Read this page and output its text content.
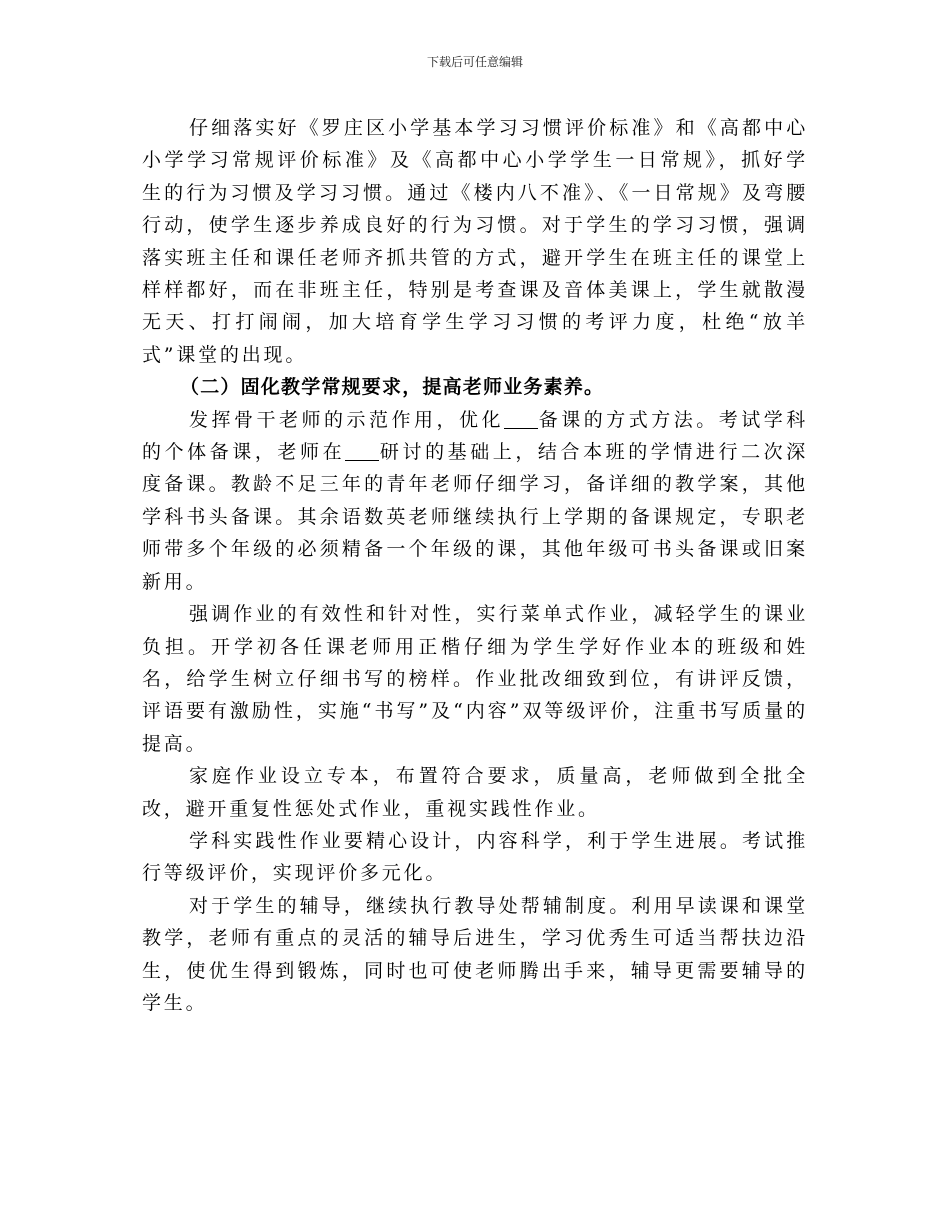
下载后可任意编辑

仔细落实好《罗庄区小学基本学习习惯评价标准》和《高都中心小学学习常规评价标准》及《高都中心小学学生一日常规》，抓好学生的行为习惯及学习习惯。通过《楼内八不准》、《一日常规》及弯腰行动，使学生逐步养成良好的行为习惯。对于学生的学习习惯，强调落实班主任和课任老师齐抓共管的方式，避开学生在班主任的课堂上样样都好，而在非班主任，特别是考查课及音体美课上，学生就散漫无天、打打闹闹，加大培育学生学习习惯的考评力度，杜绝“放羊式”课堂的出现。

（二）固化教学常规要求，提高老师业务素养。

发挥骨干老师的示范作用，优化 备课的方式方法。考试学科的个体备课，老师在 研讨的基础上，结合本班的学情进行二次深度备课。教龄不足三年的青年老师仔细学习，备详细的教学案，其他学科书头备课。其余语数英老师继续执行上学期的备课规定，专职老师带多个年级的必须精备一个年级的课，其他年级可书头备课或旧案新用。

强调作业的有效性和针对性，实行菜单式作业，减轻学生的课业负担。开学初各任课老师用正楷仔细为学生学好作业本的班级和姓名，给学生树立仔细书写的榜样。作业批改细致到位，有讲评反馈，评语要有激励性，实施“书写”及“内容”双等级评价，注重书写质量的提高。

家庭作业设立专本，布置符合要求，质量高，老师做到全批全改，避开重复性惩处式作业，重视实践性作业。

学科实践性作业要精心设计，内容科学，利于学生进展。考试推行等级评价，实现评价多元化。

对于学生的辅导，继续执行教导处帮辅制度。利用早读课和课堂教学，老师有重点的灵活的辅导后进生，学习优秀生可适当帮扶边沿生，使优生得到锻炼，同时也可使老师腾出手来，辅导更需要辅导的学生。
